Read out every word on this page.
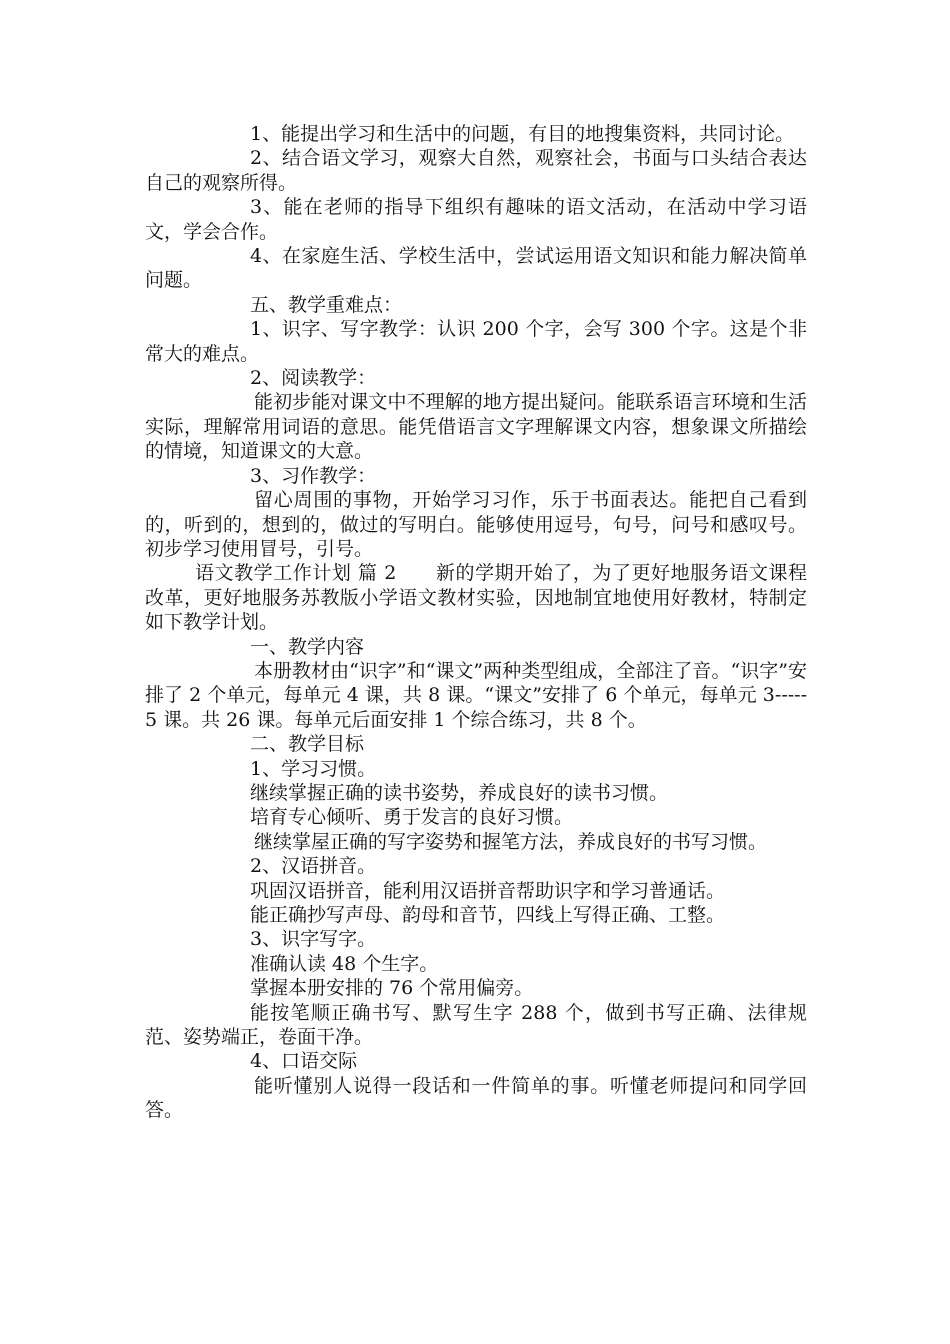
1、能提出学习和生活中的问题，有目的地搜集资料，共同讨论。

2、结合语文学习，观察大自然，观察社会，书面与口头结合表达自己的观察所得。

3、能在老师的指导下组织有趣味的语文活动，在活动中学习语文，学会合作。

4、在家庭生活、学校生活中，尝试运用语文知识和能力解决简单问题。

五、教学重难点：

1、识字、写字教学：认识 200 个字，会写 300 个字。这是个非常大的难点。

2、阅读教学：

能初步能对课文中不理解的地方提出疑问。能联系语言环境和生活实际，理解常用词语的意思。能凭借语言文字理解课文内容，想象课文所描绘的情境，知道课文的大意。

3、习作教学：

留心周围的事物，开始学习习作，乐于书面表达。能把自己看到的，听到的，想到的，做过的写明白。能够使用逗号，句号，问号和感叹号。初步学习使用冒号，引号。

语文教学工作计划 篇 2　　新的学期开始了，为了更好地服务语文课程改革，更好地服务苏教版小学语文教材实验，因地制宜地使用好教材，特制定如下教学计划。

一、教学内容

本册教材由“识字”和“课文”两种类型组成，全部注了音。“识字”安排了 2 个单元，每单元 4 课，共 8 课。“课文”安排了 6 个单元，每单元 3-----5 课。共 26 课。每单元后面安排 1 个综合练习，共 8 个。

二、教学目标

1、学习习惯。

继续掌握正确的读书姿势，养成良好的读书习惯。

培育专心倾听、勇于发言的良好习惯。

继续掌屋正确的写字姿势和握笔方法，养成良好的书写习惯。

2、汉语拼音。

巩固汉语拼音，能利用汉语拼音帮助识字和学习普通话。

能正确抄写声母、韵母和音节，四线上写得正确、工整。

3、识字写字。

准确认读 48 个生字。

掌握本册安排的 76 个常用偏旁。

能按笔顺正确书写、默写生字 288 个，做到书写正确、法律规范、姿势端正，卷面干净。

4、口语交际

能听懂别人说得一段话和一件简单的事。听懂老师提问和同学回答。
